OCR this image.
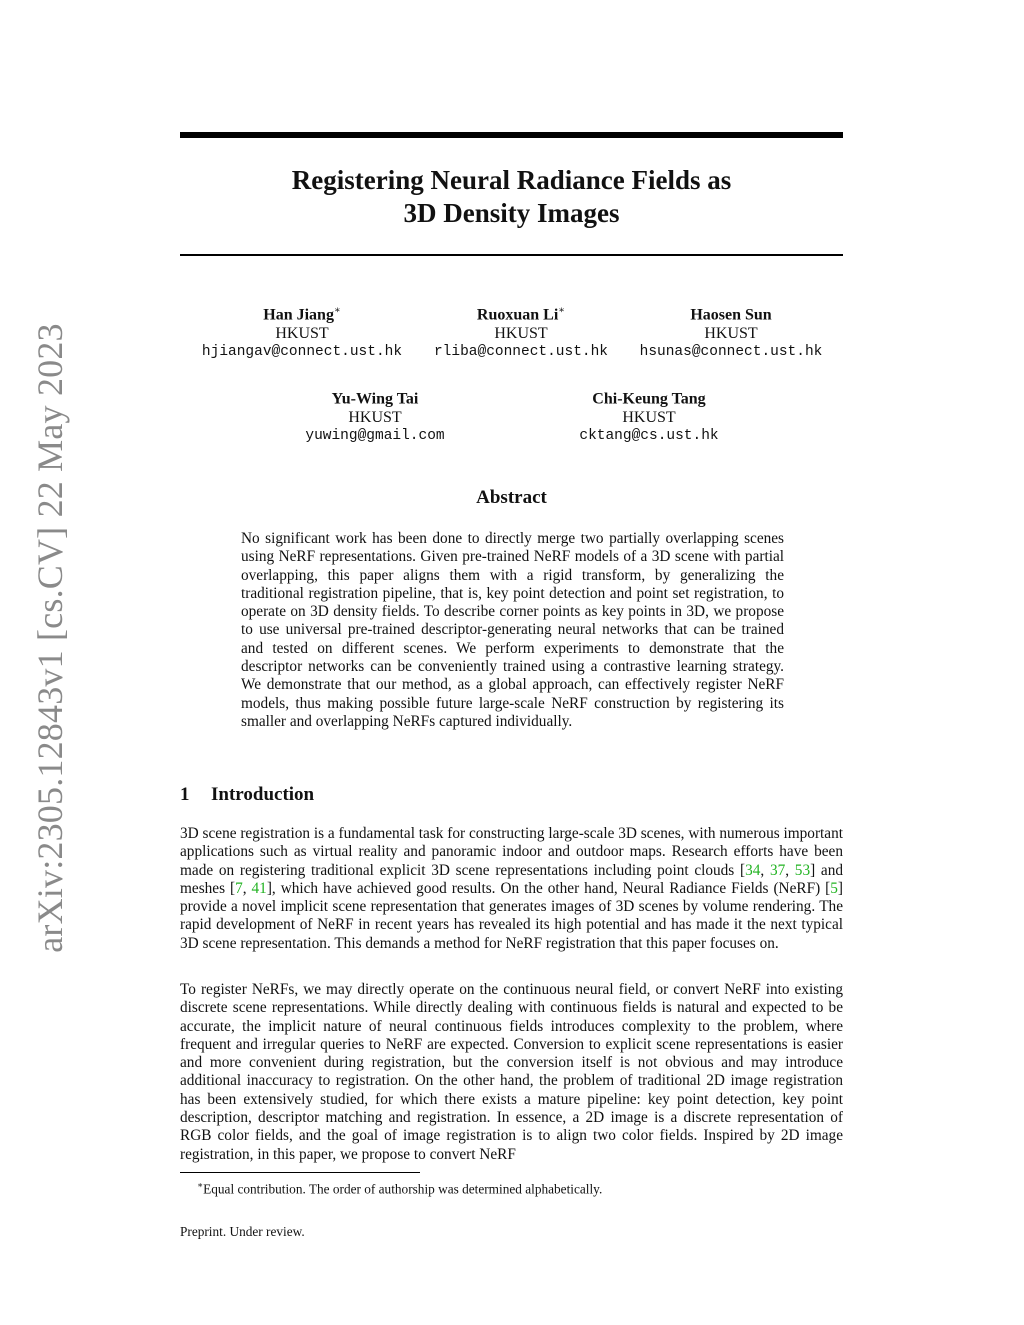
arXiv:2305.12843v1 [cs.CV] 22 May 2023
Registering Neural Radiance Fields as
3D Density Images
Han Jiang∗
HKUST
hjiangav@connect.ust.hk
Ruoxuan Li∗
HKUST
rliba@connect.ust.hk
Haosen Sun
HKUST
hsunas@connect.ust.hk
Yu-Wing Tai
HKUST
yuwing@gmail.com
Chi-Keung Tang
HKUST
cktang@cs.ust.hk
Abstract

No significant work has been done to directly merge two partially overlapping scenes using NeRF representations. Given pre-trained NeRF models of a 3D scene with partial overlapping, this paper aligns them with a rigid transform, by generalizing the traditional registration pipeline, that is, key point detection and point set registration, to operate on 3D density fields. To describe corner points as key points in 3D, we propose to use universal pre-trained descriptor-generating neural networks that can be trained and tested on different scenes. We perform experiments to demonstrate that the descriptor networks can be conveniently trained using a contrastive learning strategy. We demonstrate that our method, as a global approach, can effectively register NeRF models, thus making possible future large-scale NeRF construction by registering its smaller and overlapping NeRFs captured individually.

1 Introduction

3D scene registration is a fundamental task for constructing large-scale 3D scenes, with numerous important applications such as virtual reality and panoramic indoor and outdoor maps. Research efforts have been made on registering traditional explicit 3D scene representations including point clouds [34, 37, 53] and meshes [7, 41], which have achieved good results. On the other hand, Neural Radiance Fields (NeRF) [5] provide a novel implicit scene representation that generates images of 3D scenes by volume rendering. The rapid development of NeRF in recent years has revealed its high potential and has made it the next typical 3D scene representation. This demands a method for NeRF registration that this paper focuses on.

To register NeRFs, we may directly operate on the continuous neural field, or convert NeRF into existing discrete scene representations. While directly dealing with continuous fields is natural and expected to be accurate, the implicit nature of neural continuous fields introduces complexity to the problem, where frequent and irregular queries to NeRF are expected. Conversion to explicit scene representations is easier and more convenient during registration, but the conversion itself is not obvious and may introduce additional inaccuracy to registration. On the other hand, the problem of traditional 2D image registration has been extensively studied, for which there exists a mature pipeline: key point detection, key point description, descriptor matching and registration. In essence, a 2D image is a discrete representation of RGB color fields, and the goal of image registration is to align two color fields. Inspired by 2D image registration, in this paper, we propose to convert NeRF

∗Equal contribution. The order of authorship was determined alphabetically.

Preprint. Under review.
